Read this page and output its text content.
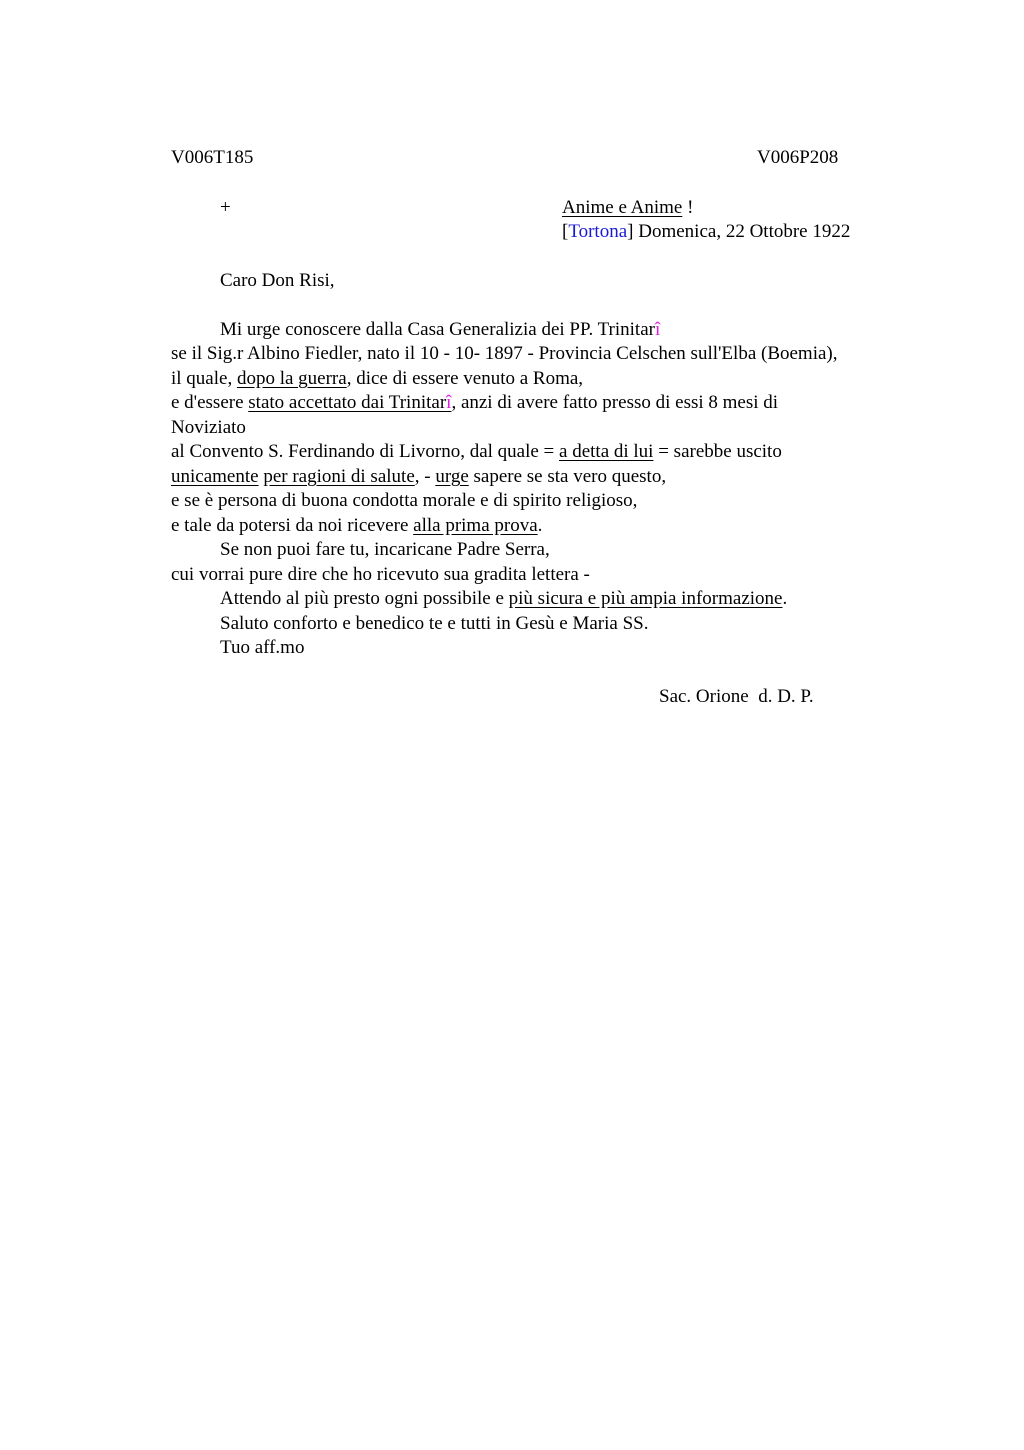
V006T185	V006P208
+	Anime e Anime !
[Tortona] Domenica, 22 Ottobre 1922
Caro Don Risi,
Mi urge conoscere dalla Casa Generalizia dei PP. Trinitarî
se il Sig.r Albino Fiedler, nato il 10 - 10- 1897 - Provincia Celschen sull'Elba (Boemia),
il quale, dopo la guerra, dice di essere venuto a Roma,
e d'essere stato accettato dai Trinitarî, anzi di avere fatto presso di essi 8 mesi di
Noviziato
al Convento S. Ferdinando di Livorno, dal quale = a detta di lui = sarebbe uscito
unicamente per ragioni di salute, - urge sapere se sta vero questo,
e se è persona di buona condotta morale e di spirito religioso,
e tale da potersi da noi ricevere alla prima prova.
Se non puoi fare tu, incaricane Padre Serra,
cui vorrai pure dire che ho ricevuto sua gradita lettera -
Attendo al più presto ogni possibile e più sicura e più ampia informazione.
Saluto conforto e benedico te e tutti in Gesù e Maria SS.
Tuo aff.mo
Sac. Orione  d. D. P.
